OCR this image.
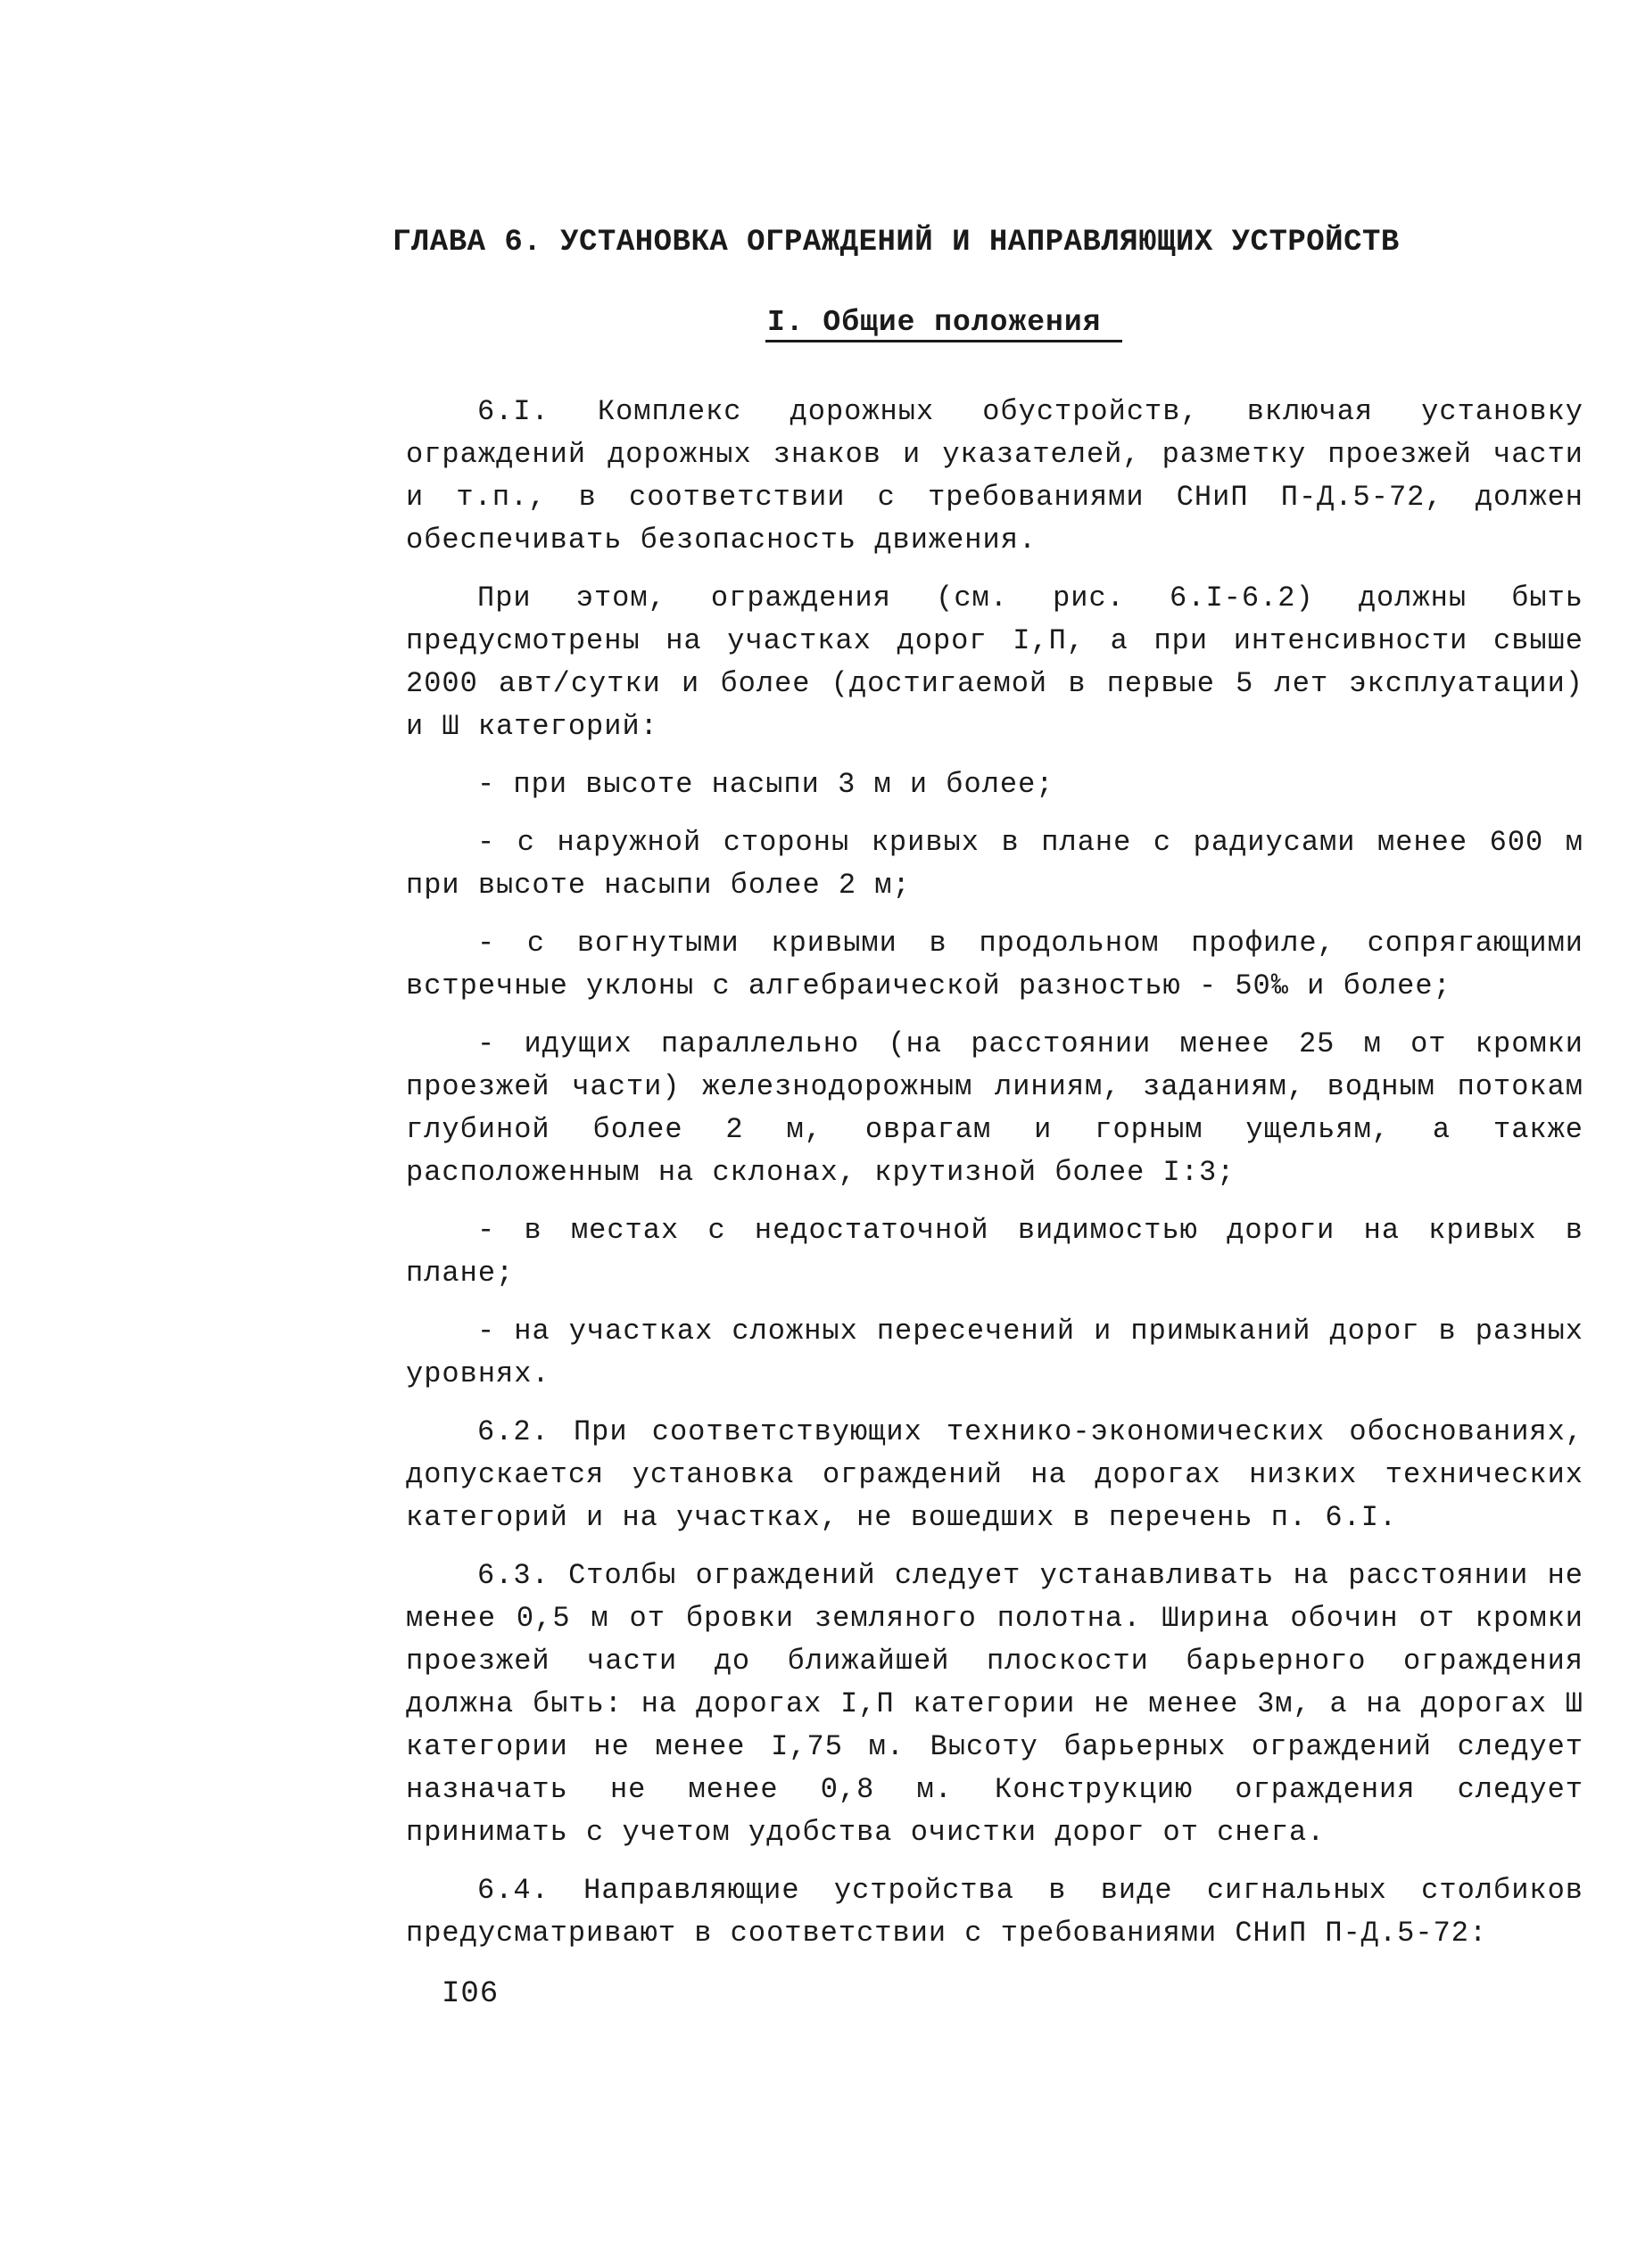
ГЛАВА 6. УСТАНОВКА ОГРАЖДЕНИЙ И НАПРАВЛЯЮЩИХ УСТРОЙСТВ
I. Общие положения

6.I. Комплекс дорожных обустройств, включая установку ограждений дорожных знаков и указателей, разметку проезжей части и т.п., в соответствии с требованиями СНиП П-Д.5-72, должен обеспечивать безопасность движения.

При этом, ограждения (см. рис. 6.I-6.2) должны быть предусмотрены на участках дорог I,П, а при интенсивности свыше 2000 авт/сутки и более (достигаемой в первые 5 лет эксплуатации) и Ш категорий:

- при высоте насыпи 3 м и более;

- с наружной стороны кривых в плане с радиусами менее 600 м при высоте насыпи более 2 м;

- с вогнутыми кривыми в продольном профиле, сопрягающими встречные уклоны с алгебраической разностью - 50‰ и более;

- идущих параллельно (на расстоянии менее 25 м от кромки проезжей части) железнодорожным линиям, заданиям, водным потокам глубиной более 2 м, оврагам и горным ущельям, а также расположенным на склонах, крутизной более I:3;

- в местах с недостаточной видимостью дороги на кривых в плане;

- на участках сложных пересечений и примыканий дорог в разных уровнях.

6.2. При соответствующих технико-экономических обоснованиях, допускается установка ограждений на дорогах низких технических категорий и на участках, не вошедших в перечень п. 6.I.

6.3. Столбы ограждений следует устанавливать на расстоянии не менее 0,5 м от бровки земляного полотна. Ширина обочин от кромки проезжей части до ближайшей плоскости барьерного ограждения должна быть: на дорогах I,П категории не менее 3м, а на дорогах Ш категории не менее I,75 м. Высоту барьерных ограждений следует назначать не менее 0,8 м. Конструкцию ограждения следует принимать с учетом удобства очистки дорог от снега.

6.4. Направляющие устройства в виде сигнальных столбиков предусматривают в соответствии с требованиями СНиП П-Д.5-72:

I06
